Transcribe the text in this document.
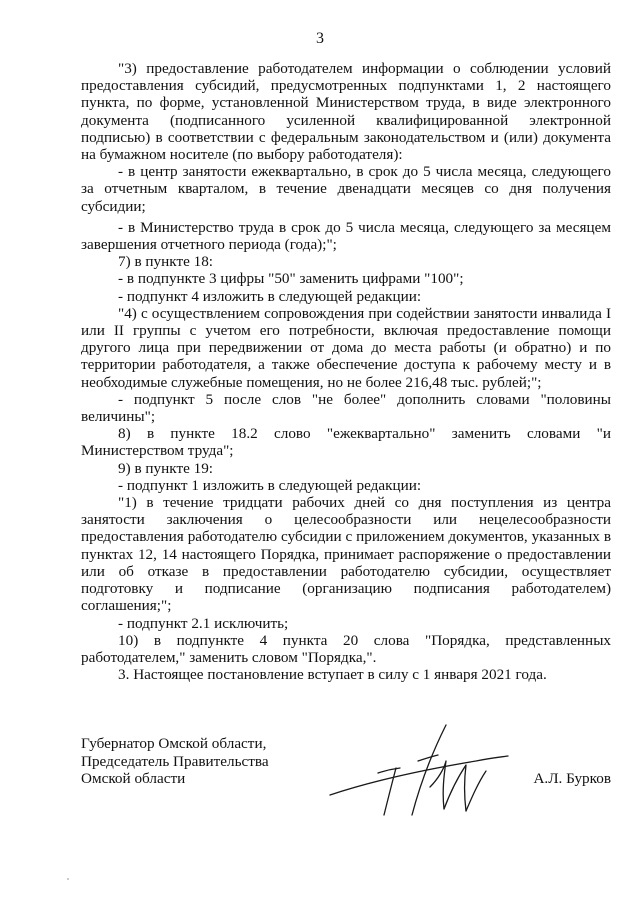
3

"3) предоставление работодателем информации о соблюдении условий предоставления субсидий, предусмотренных подпунктами 1, 2 настоящего пункта, по форме, установленной Министерством труда, в виде электронного документа (подписанного усиленной квалифицированной электронной подписью) в соответствии с федеральным законодательством и (или) документа на бумажном носителе (по выбору работодателя):

- в центр занятости ежеквартально, в срок до 5 числа месяца, следующего за отчетным кварталом, в течение двенадцати месяцев со дня получения субсидии;

- в Министерство труда в срок до 5 числа месяца, следующего за месяцем завершения отчетного периода (года);";

7) в пункте 18:

- в подпункте 3 цифры "50" заменить цифрами "100";

- подпункт 4 изложить в следующей редакции:

"4) с осуществлением сопровождения при содействии занятости инвалида I или II группы с учетом его потребности, включая предоставление помощи другого лица при передвижении от дома до места работы (и обратно) и по территории работодателя, а также обеспечение доступа к рабочему месту и в необходимые служебные помещения, но не более 216,48 тыс. рублей;";

- подпункт 5 после слов "не более" дополнить словами "половины величины";

8) в пункте 18.2 слово "ежеквартально" заменить словами "и Министерством труда";

9) в пункте 19:

- подпункт 1 изложить в следующей редакции:

"1) в течение тридцати рабочих дней со дня поступления из центра занятости заключения о целесообразности или нецелесообразности предоставления работодателю субсидии с приложением документов, указанных в пунктах 12, 14 настоящего Порядка, принимает распоряжение о предоставлении или об отказе в предоставлении работодателю субсидии, осуществляет подготовку и подписание (организацию подписания работодателем) соглашения;";

- подпункт 2.1 исключить;

10) в подпункте 4 пункта 20 слова "Порядка, представленных работодателем," заменить словом "Порядка,".

3. Настоящее постановление вступает в силу с 1 января 2021 года.

Губернатор Омской области,
Председатель Правительства
Омской области	А.Л. Бурков
